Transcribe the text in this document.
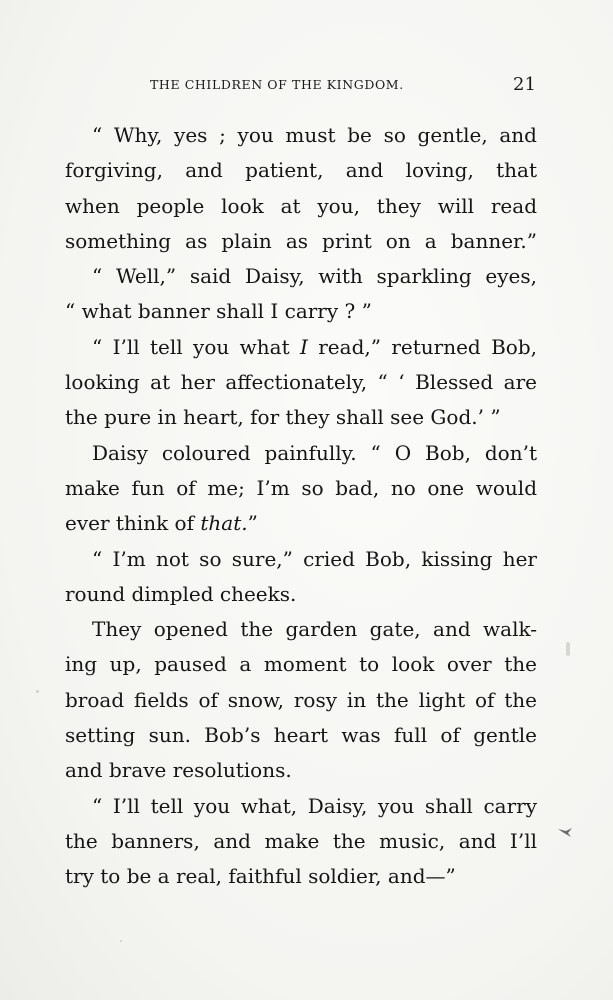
THE CHILDREN OF THE KINGDOM.	21
“ Why, yes ; you must be so gentle, and
forgiving, and patient, and loving, that
when people look at you, they will read
something as plain as print on a banner.”
“ Well,” said Daisy, with sparkling eyes,
“ what banner shall I carry ? ”
“ I’ll tell you what I read,” returned Bob,
looking at her affectionately, “ ‘ Blessed are
the pure in heart, for they shall see God.’ ”
Daisy coloured painfully. “ O Bob, don’t
make fun of me; I’m so bad, no one would
ever think of that.”
“ I’m not so sure,” cried Bob, kissing her
round dimpled cheeks.
They opened the garden gate, and walk-
ing up, paused a moment to look over the
broad fields of snow, rosy in the light of the
setting sun. Bob’s heart was full of gentle
and brave resolutions.
“ I’ll tell you what, Daisy, you shall carry
the banners, and make the music, and I’ll
try to be a real, faithful soldier, and—”
